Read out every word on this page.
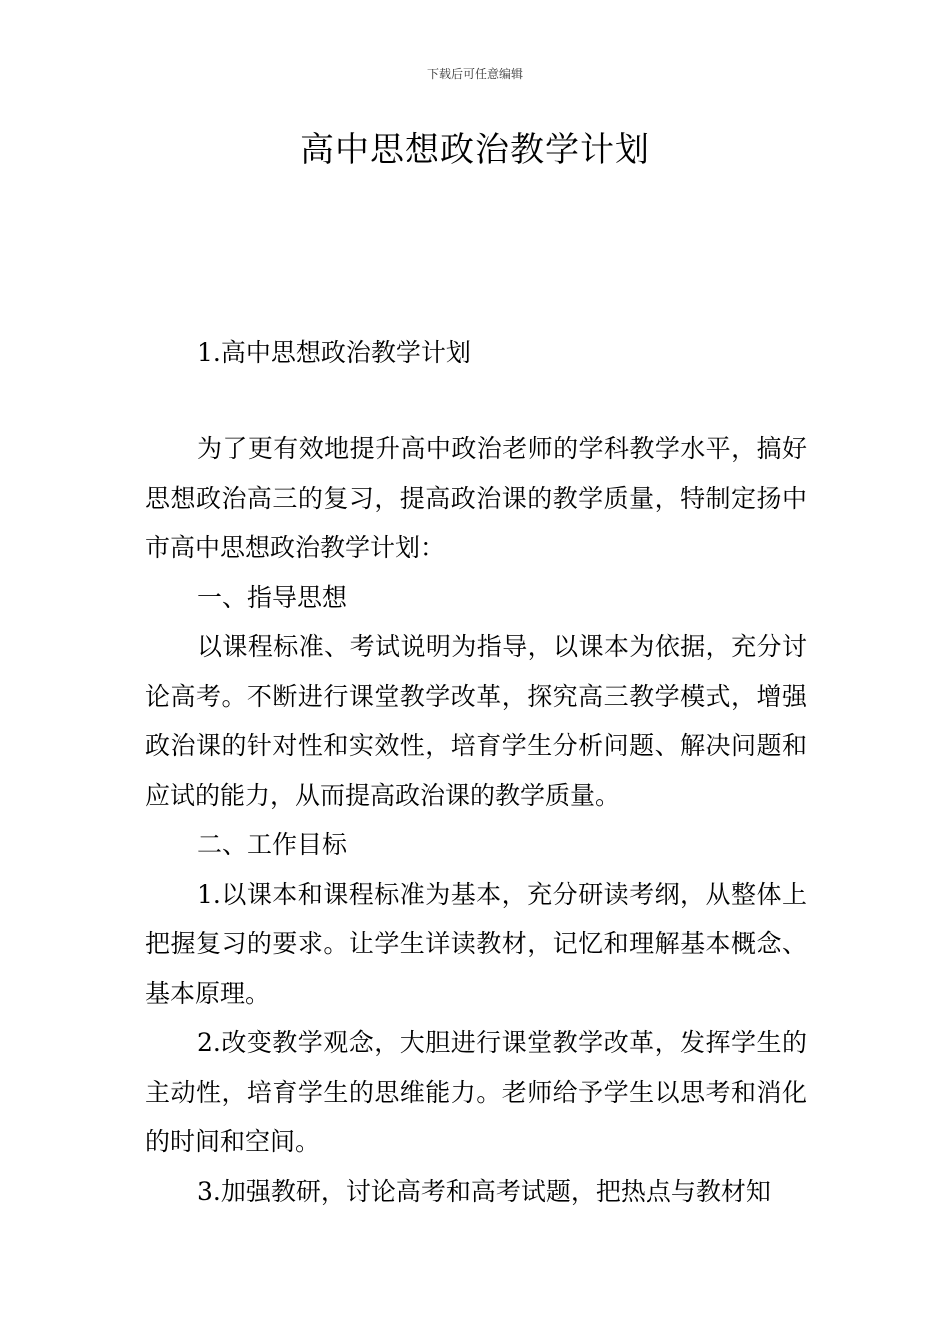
下载后可任意编辑
高中思想政治教学计划
1.高中思想政治教学计划

为了更有效地提升高中政治老师的学科教学水平，搞好思想政治高三的复习，提高政治课的教学质量，特制定扬中市高中思想政治教学计划：

一、指导思想

以课程标准、考试说明为指导，以课本为依据，充分讨论高考。不断进行课堂教学改革，探究高三教学模式，增强政治课的针对性和实效性，培育学生分析问题、解决问题和应试的能力，从而提高政治课的教学质量。

二、工作目标

1.以课本和课程标准为基本，充分研读考纲，从整体上把握复习的要求。让学生详读教材，记忆和理解基本概念、基本原理。

2.改变教学观念，大胆进行课堂教学改革，发挥学生的主动性，培育学生的思维能力。老师给予学生以思考和消化的时间和空间。

3.加强教研，讨论高考和高考试题，把热点与教材知
